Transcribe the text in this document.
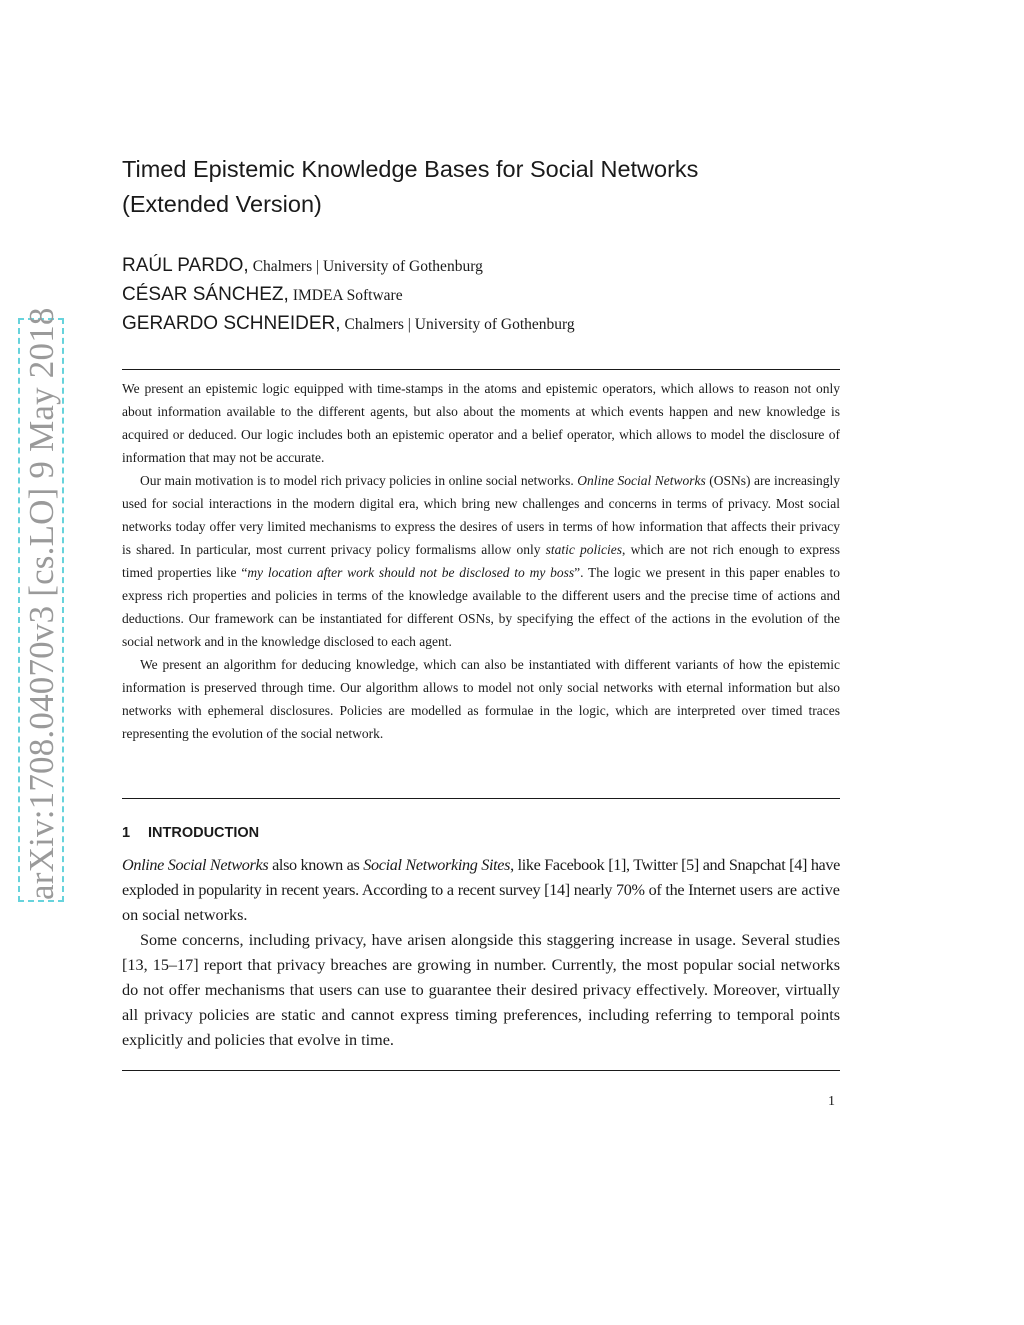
arXiv:1708.04070v3 [cs.LO] 9 May 2018
Timed Epistemic Knowledge Bases for Social Networks
(Extended Version)
RAÚL PARDO, Chalmers | University of Gothenburg
CÉSAR SÁNCHEZ, IMDEA Software
GERARDO SCHNEIDER, Chalmers | University of Gothenburg

We present an epistemic logic equipped with time-stamps in the atoms and epistemic operators, which allows to reason not only about information available to the different agents, but also about the moments at which events happen and new knowledge is acquired or deduced. Our logic includes both an epistemic operator and a belief operator, which allows to model the disclosure of information that may not be accurate.

Our main motivation is to model rich privacy policies in online social networks. Online Social Networks (OSNs) are increasingly used for social interactions in the modern digital era, which bring new challenges and concerns in terms of privacy. Most social networks today offer very limited mechanisms to express the desires of users in terms of how information that affects their privacy is shared. In particular, most current privacy policy formalisms allow only static policies, which are not rich enough to express timed properties like “my location after work should not be disclosed to my boss”. The logic we present in this paper enables to express rich properties and policies in terms of the knowledge available to the different users and the precise time of actions and deductions. Our framework can be instantiated for different OSNs, by specifying the effect of the actions in the evolution of the social network and in the knowledge disclosed to each agent.

We present an algorithm for deducing knowledge, which can also be instantiated with different variants of how the epistemic information is preserved through time. Our algorithm allows to model not only social networks with eternal information but also networks with ephemeral disclosures. Policies are modelled as formulae in the logic, which are interpreted over timed traces representing the evolution of the social network.

1 INTRODUCTION

Online Social Networks also known as Social Networking Sites, like Facebook [1], Twitter [5] and Snapchat [4] have exploded in popularity in recent years. According to a recent survey [14] nearly 70% of the Internet users are active on social networks.

Some concerns, including privacy, have arisen alongside this staggering increase in usage. Several studies [13, 15–17] report that privacy breaches are growing in number. Currently, the most popular social networks do not offer mechanisms that users can use to guarantee their desired privacy effectively. Moreover, virtually all privacy policies are static and cannot express timing preferences, including referring to temporal points explicitly and policies that evolve in time.

1
